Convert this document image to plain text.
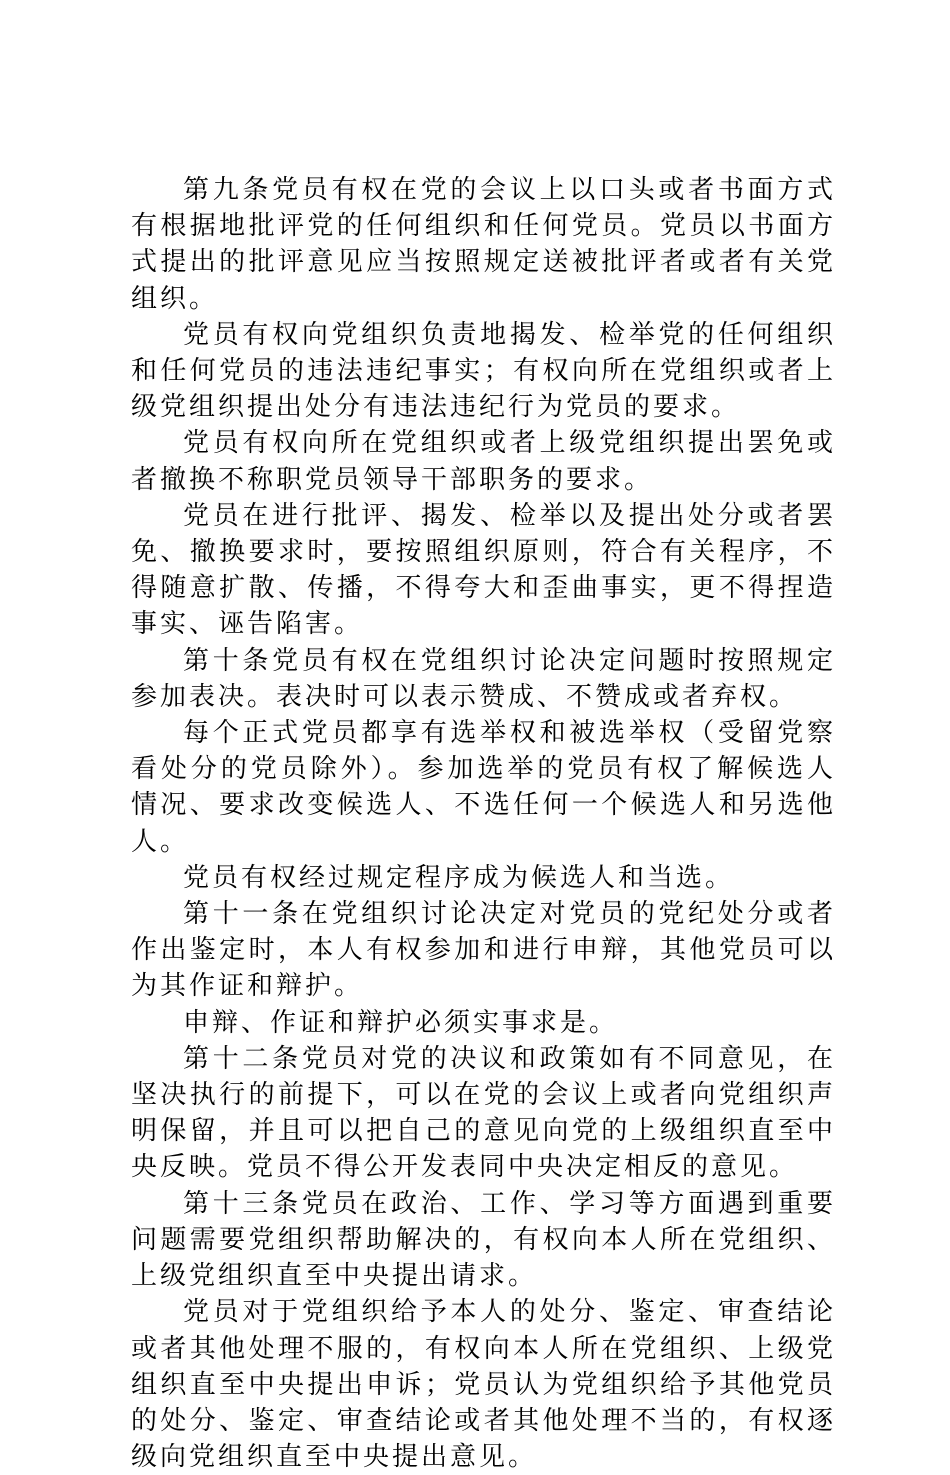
第九条党员有权在党的会议上以口头或者书面方式有根据地批评党的任何组织和任何党员。党员以书面方式提出的批评意见应当按照规定送被批评者或者有关党组织。

党员有权向党组织负责地揭发、检举党的任何组织和任何党员的违法违纪事实；有权向所在党组织或者上级党组织提出处分有违法违纪行为党员的要求。

党员有权向所在党组织或者上级党组织提出罢免或者撤换不称职党员领导干部职务的要求。

党员在进行批评、揭发、检举以及提出处分或者罢免、撤换要求时，要按照组织原则，符合有关程序，不得随意扩散、传播，不得夸大和歪曲事实，更不得捏造事实、诬告陷害。

第十条党员有权在党组织讨论决定问题时按照规定参加表决。表决时可以表示赞成、不赞成或者弃权。

每个正式党员都享有选举权和被选举权（受留党察看处分的党员除外）。参加选举的党员有权了解候选人情况、要求改变候选人、不选任何一个候选人和另选他人。

党员有权经过规定程序成为候选人和当选。

第十一条在党组织讨论决定对党员的党纪处分或者作出鉴定时，本人有权参加和进行申辩，其他党员可以为其作证和辩护。

申辩、作证和辩护必须实事求是。

第十二条党员对党的决议和政策如有不同意见，在坚决执行的前提下，可以在党的会议上或者向党组织声明保留，并且可以把自己的意见向党的上级组织直至中央反映。党员不得公开发表同中央决定相反的意见。

第十三条党员在政治、工作、学习等方面遇到重要问题需要党组织帮助解决的，有权向本人所在党组织、上级党组织直至中央提出请求。

党员对于党组织给予本人的处分、鉴定、审查结论或者其他处理不服的，有权向本人所在党组织、上级党组织直至中央提出申诉；党员认为党组织给予其他党员的处分、鉴定、审查结论或者其他处理不当的，有权逐级向党组织直至中央提出意见。
